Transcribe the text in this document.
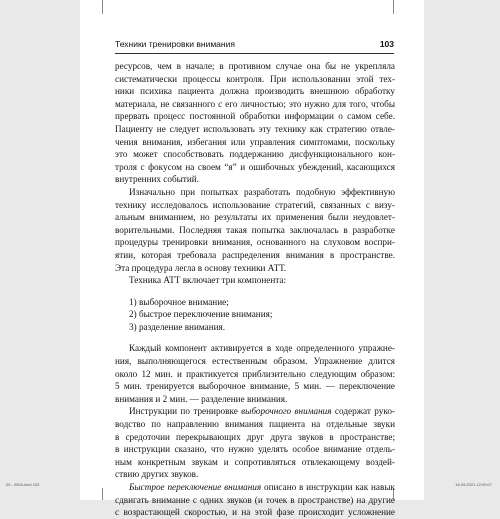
Техники тренировки внимания	103
ресурсов, чем в начале; в противном случае она бы не укрепляла
систематически процессы контроля. При использовании этой тех-
ники психика пациента должна производить внешнюю обработку
материала, не связанного с его личностью; это нужно для того, чтобы
прервать процесс постоянной обработки информации о самом себе.
Пациенту не следует использовать эту технику как стратегию отвле-
чения внимания, избегания или управления симптомами, поскольку
это может способствовать поддержанию дисфункционального кон-
троля с фокусом на своем “я” и ошибочных убеждений, касающихся
внутренних событий.
Изначально при попытках разработать подобную эффективную
технику исследовалось использование стратегий, связанных с визу-
альным вниманием, но результаты их применения были неудовлет-
ворительными. Последняя такая попытка заключалась в разработке
процедуры тренировки внимания, основанного на слуховом воспри-
ятии, которая требовала распределения внимания в пространстве.
Эта процедура легла в основу техники АТТ.
Техника АТТ включает три компонента:
1) выборочное внимание;
2) быстрое переключение внимания;
3) разделение внимания.
Каждый компонент активируется в ходе определенного упражне-
ния, выполняющегося естественным образом. Упражнение длится
около 12 мин. и практикуется приблизительно следующим образом:
5 мин. тренируется выборочное внимание, 5 мин. — переключение
внимания и 2 мин. — разделение внимания.
Инструкции по тренировке выборочного внимания содержат руко-
водство по направлению внимания пациента на отдельные звуки
в средоточии перекрывающих друг друга звуков в пространстве;
в инструкции сказано, что нужно уделять особое внимание отдель-
ным конкретным звукам и сопротивляться отвлекающему воздей-
ствию других звуков.
Быстрое переключение внимания описано в инструкции как навык
сдвигать внимание с одних звуков (и точек в пространстве) на другие
с возрастающей скоростью, и на этой фазе происходит усложнение
05 - 0504.indd 103	16.09.2021 12:00:07
